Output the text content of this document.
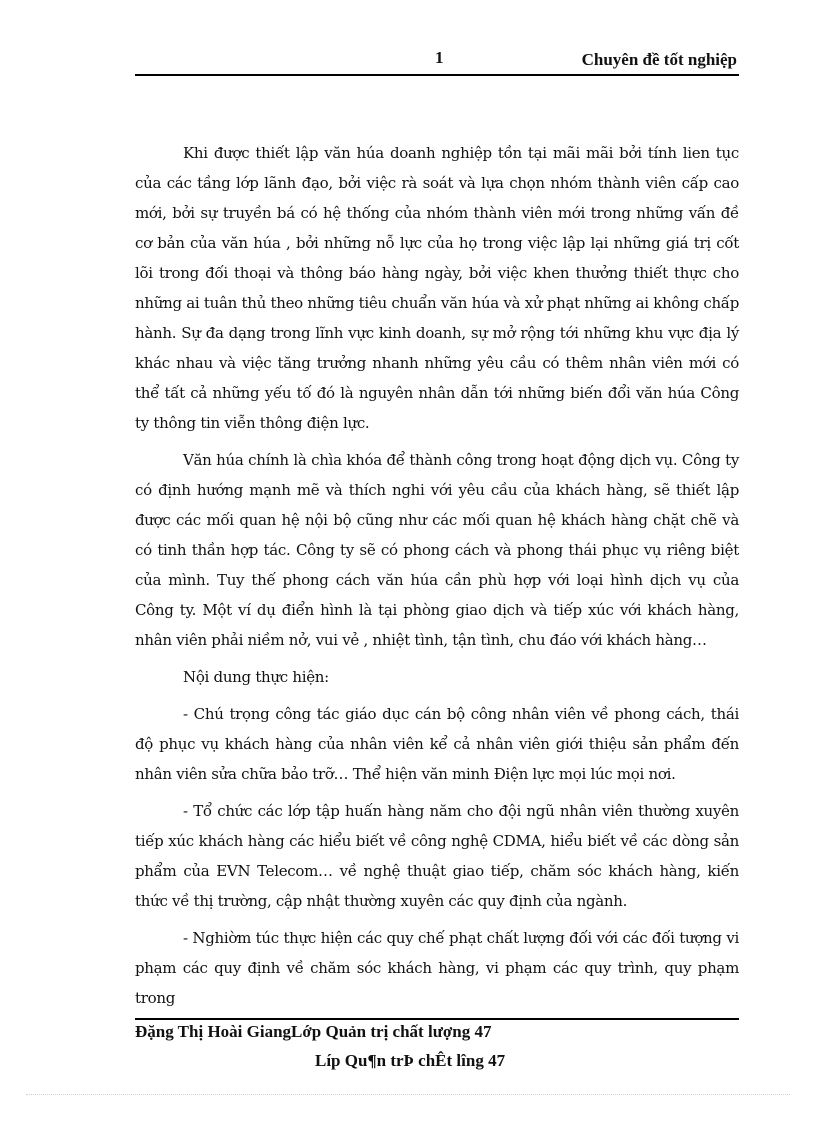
1	Chuyên đề tốt nghiệp

Khi được thiết lập văn húa doanh nghiệp tồn tại mãi mãi bởi tính lien tục của các tầng lớp lãnh đạo, bởi việc rà soát và lựa chọn nhóm thành viên cấp cao mới, bởi sự truyền bá có hệ thống của nhóm thành viên mới trong những vấn đề cơ bản của văn húa , bởi những nỗ lực của họ trong việc lập lại những giá trị cốt lõi trong đối thoại và thông báo hàng ngày, bởi việc khen thưởng thiết thực cho những ai tuân thủ theo những tiêu chuẩn văn húa và xử phạt những ai không chấp hành. Sự đa dạng trong lĩnh vực kinh doanh, sự mở rộng tới những khu vực địa lý khác nhau và việc tăng trưởng nhanh những yêu cầu có thêm nhân viên mới có thể tất cả những yếu tố đó là nguyên nhân dẫn tới những biến đổi văn húa Công ty thông tin viễn thông điện lực.

Văn húa chính là chìa khóa để thành công trong hoạt động dịch vụ. Công ty có định hướng mạnh mẽ và thích nghi với yêu cầu của khách hàng, sẽ thiết lập được các mối quan hệ nội bộ cũng như các mối quan hệ khách hàng chặt chẽ và có tinh thần hợp tác. Công ty sẽ có phong cách và phong thái phục vụ riêng biệt của mình. Tuy thế phong cách văn húa cần phù hợp với loại hình dịch vụ của Công ty. Một ví dụ điển hình là tại phòng giao dịch và tiếp xúc với khách hàng, nhân viên phải niềm nở, vui vẻ , nhiệt tình, tận tình, chu đáo với khách hàng…

Nội dung thực hiện:

- Chú trọng công tác giáo dục cán bộ công nhân viên về phong cách, thái độ phục vụ khách hàng của nhân viên kể cả nhân viên giới thiệu sản phẩm đến nhân viên sửa chữa bảo trỡ… Thể hiện văn minh Điện lực mọi lúc mọi nơi.

- Tổ chức các lớp tập huấn hàng năm cho đội ngũ nhân viên thường xuyên tiếp xúc khách hàng các hiểu biết về công nghệ CDMA, hiểu biết về các dòng sản phẩm của EVN Telecom… về nghệ thuật giao tiếp, chăm sóc khách hàng, kiến thức về thị trường, cập nhật thường xuyên các quy định của ngành.

- Nghiờm túc thực hiện các quy chế phạt chất lượng đối với các đối tượng vi phạm các quy định về chăm sóc khách hàng, vi phạm các quy trình, quy phạm trong

Đặng Thị Hoài GiangLớp Quản trị chất lượng 47
Líp Qu¶n trÞ chÊt lîng 47
